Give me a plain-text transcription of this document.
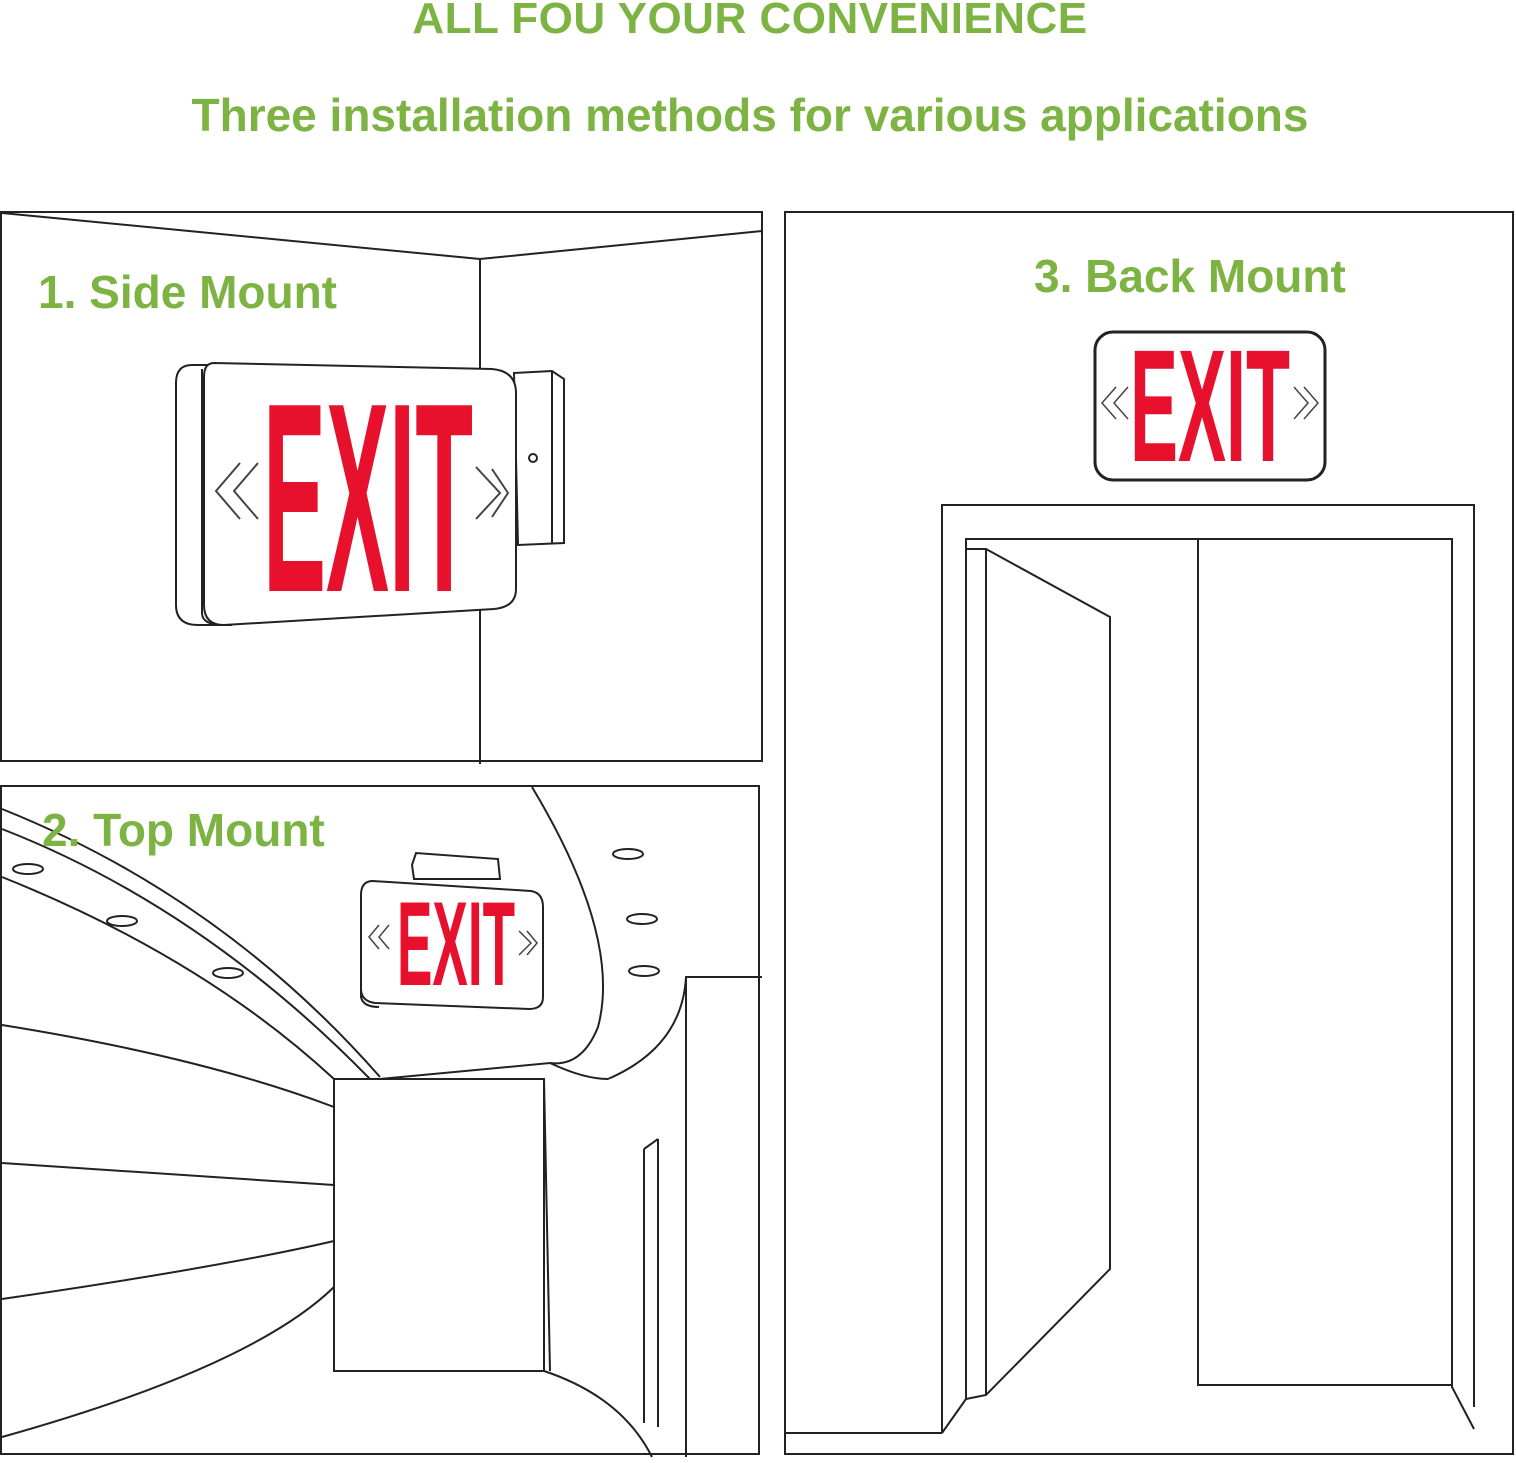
ALL FOU YOUR CONVENIENCE
Three installation methods for various applications

1. Side Mount

EXIT

2. Top Mount

EXIT

3. Back Mount

EXIT
